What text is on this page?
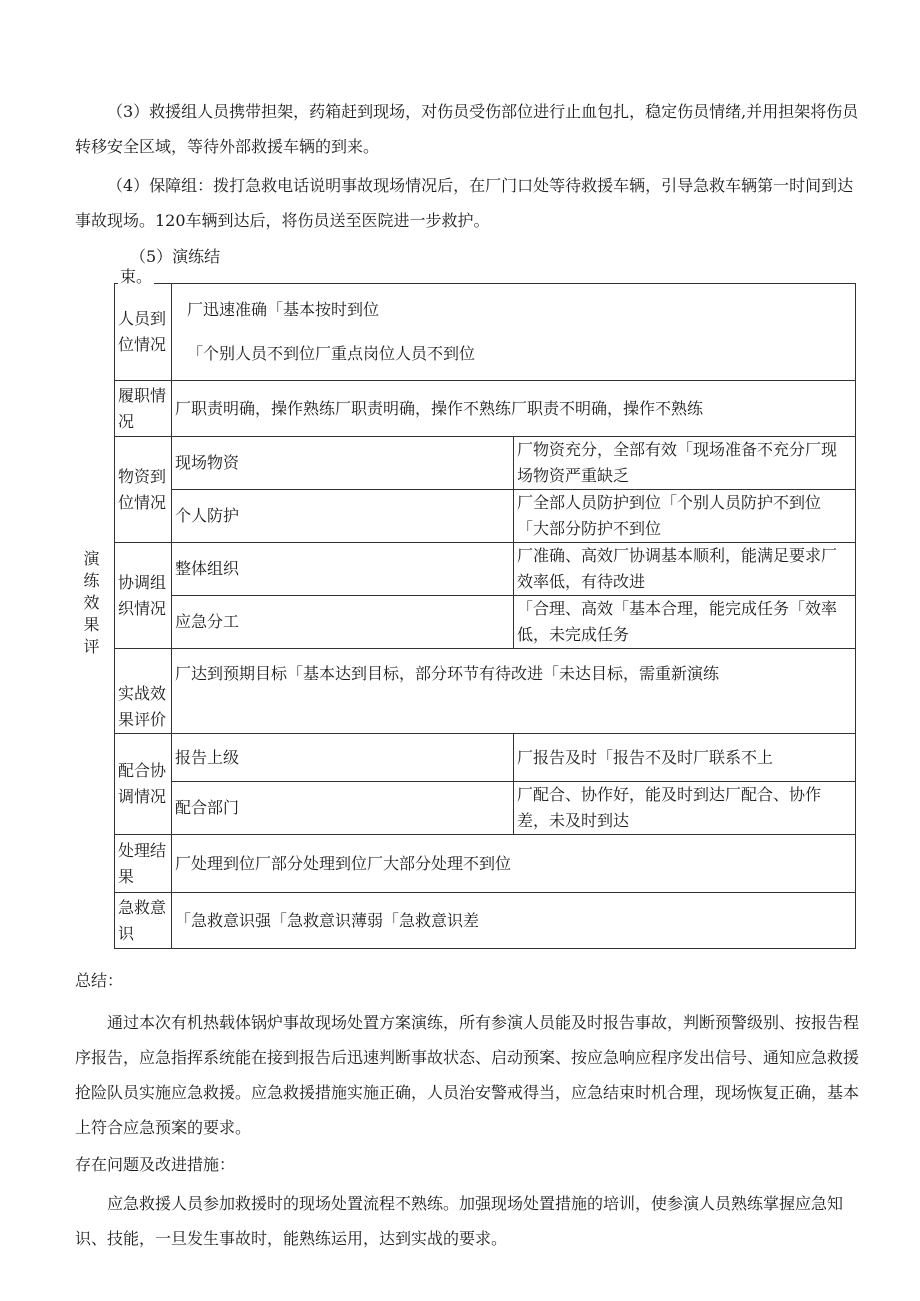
（3）救援组人员携带担架，药箱赶到现场，对伤员受伤部位进行止血包扎，稳定伤员情绪,并用担架将伤员转移安全区域，等待外部救援车辆的到来。

（4）保障组：拨打急救电话说明事故现场情况后，在厂门口处等待救援车辆，引导急救车辆第一时间到达事故现场。120车辆到达后，将伤员送至医院进一步救护。

（5）演练结
束。
演练效果评
人员到位情况	厂迅速准确「基本按时到位
「个别人员不到位厂重点岗位人员不到位	

履职情况	厂职责明确，操作熟练厂职责明确，操作不熟练厂职责不明确，操作不熟练	
物资到位情况	现场物资	厂物资充分，全部有效「现场准备不充分厂现场物资严重缺乏
	个人防护	厂全部人员防护到位「个别人员防护不到位「大部分防护不到位
协调组织情况	整体组织	厂准确、高效厂协调基本顺利，能满足要求厂效率低，有待改进
	应急分工	「合理、高效「基本合理，能完成任务「效率低，未完成任务
实战效果评价	厂达到预期目标「基本达到目标，部分环节有待改进「未达目标，需重新演练	
配合协调情况	报告上级	厂报告及时「报告不及时厂联系不上
	配合部门	厂配合、协作好，能及时到达厂配合、协作差，未及时到达
处理结果	厂处理到位厂部分处理到位厂大部分处理不到位	
急救意识	「急救意识强「急救意识薄弱「急救意识差	
总结：

通过本次有机热载体锅炉事故现场处置方案演练，所有参演人员能及时报告事故，判断预警级别、按报告程序报告，应急指挥系统能在接到报告后迅速判断事故状态、启动预案、按应急响应程序发出信号、通知应急救援抢险队员实施应急救援。应急救援措施实施正确，人员治安警戒得当，应急结束时机合理，现场恢复正确，基本上符合应急预案的要求。

存在问题及改进措施：

应急救援人员参加救援时的现场处置流程不熟练。加强现场处置措施的培训，使参演人员熟练掌握应急知识、技能，一旦发生事故时，能熟练运用，达到实战的要求。
